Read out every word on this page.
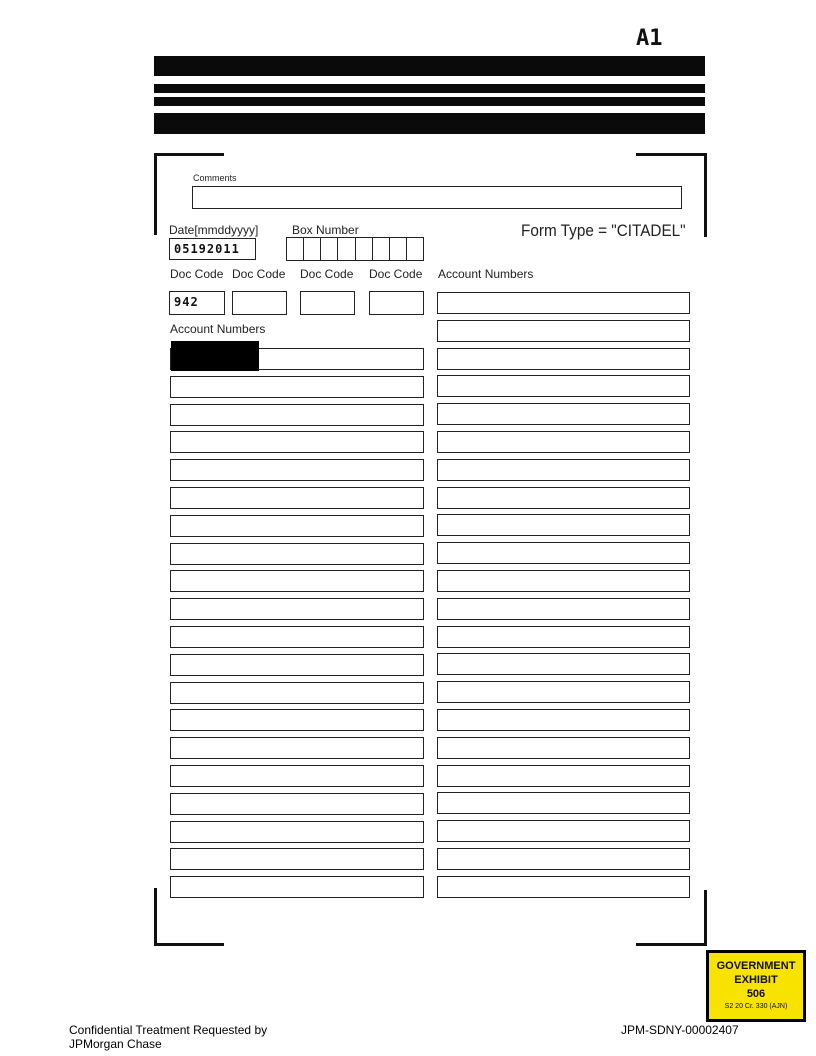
A1
Comments
Date[mmddyyyy]
05192011
Box Number	Form Type = "CITADEL"
Doc Code Doc Code Doc Code Doc Code Account Numbers
942
Account Numbers
GOVERNMENT
EXHIBIT
506
S2 20 Cr. 330 (AJN)
Confidential Treatment Requested by
JPMorgan Chase
JPM-SDNY-00002407
